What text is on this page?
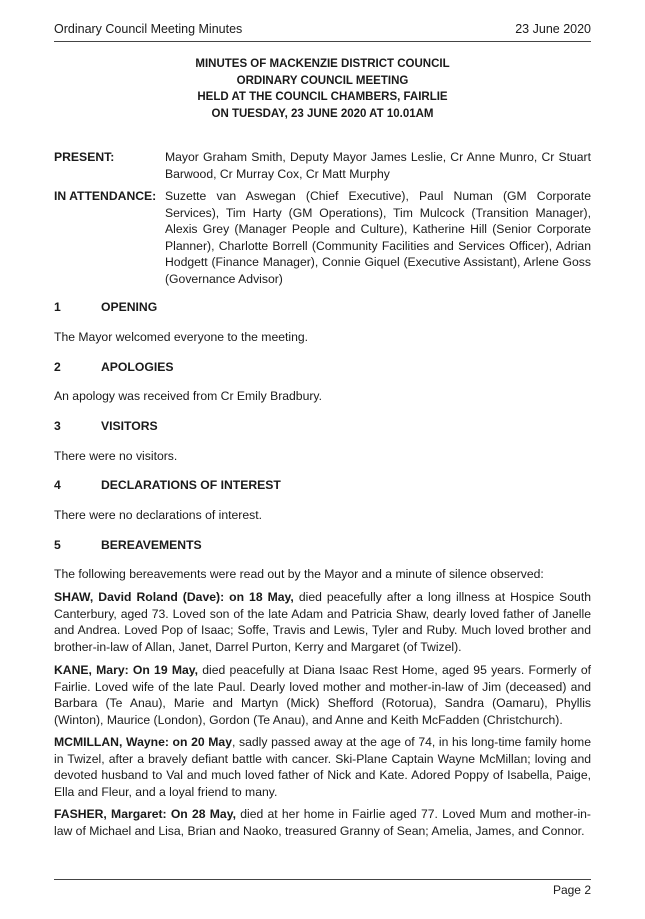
Ordinary Council Meeting Minutes	23 June 2020
MINUTES OF MACKENZIE DISTRICT COUNCIL
ORDINARY COUNCIL MEETING
HELD AT THE COUNCIL CHAMBERS, FAIRLIE
ON TUESDAY, 23 JUNE 2020 AT 10.01AM
PRESENT:	Mayor Graham Smith, Deputy Mayor James Leslie, Cr Anne Munro, Cr Stuart Barwood, Cr Murray Cox, Cr Matt Murphy
IN ATTENDANCE: Suzette van Aswegan (Chief Executive), Paul Numan (GM Corporate Services), Tim Harty (GM Operations), Tim Mulcock (Transition Manager), Alexis Grey (Manager People and Culture), Katherine Hill (Senior Corporate Planner), Charlotte Borrell (Community Facilities and Services Officer), Adrian Hodgett (Finance Manager), Connie Giquel (Executive Assistant), Arlene Goss (Governance Advisor)
1	OPENING
The Mayor welcomed everyone to the meeting.
2	APOLOGIES
An apology was received from Cr Emily Bradbury.
3	VISITORS
There were no visitors.
4	DECLARATIONS OF INTEREST
There were no declarations of interest.
5	BEREAVEMENTS
The following bereavements were read out by the Mayor and a minute of silence observed:
SHAW, David Roland (Dave): on 18 May, died peacefully after a long illness at Hospice South Canterbury, aged 73. Loved son of the late Adam and Patricia Shaw, dearly loved father of Janelle and Andrea. Loved Pop of Isaac; Soffe, Travis and Lewis, Tyler and Ruby. Much loved brother and brother-in-law of Allan, Janet, Darrel Purton, Kerry and Margaret (of Twizel).
KANE, Mary: On 19 May, died peacefully at Diana Isaac Rest Home, aged 95 years. Formerly of Fairlie. Loved wife of the late Paul. Dearly loved mother and mother-in-law of Jim (deceased) and Barbara (Te Anau), Marie and Martyn (Mick) Shefford (Rotorua), Sandra (Oamaru), Phyllis (Winton), Maurice (London), Gordon (Te Anau), and Anne and Keith McFadden (Christchurch).
MCMILLAN, Wayne: on 20 May, sadly passed away at the age of 74, in his long-time family home in Twizel, after a bravely defiant battle with cancer. Ski-Plane Captain Wayne McMillan; loving and devoted husband to Val and much loved father of Nick and Kate. Adored Poppy of Isabella, Paige, Ella and Fleur, and a loyal friend to many.
FASHER, Margaret: On 28 May, died at her home in Fairlie aged 77. Loved Mum and mother-in-law of Michael and Lisa, Brian and Naoko, treasured Granny of Sean; Amelia, James, and Connor.
Page 2
